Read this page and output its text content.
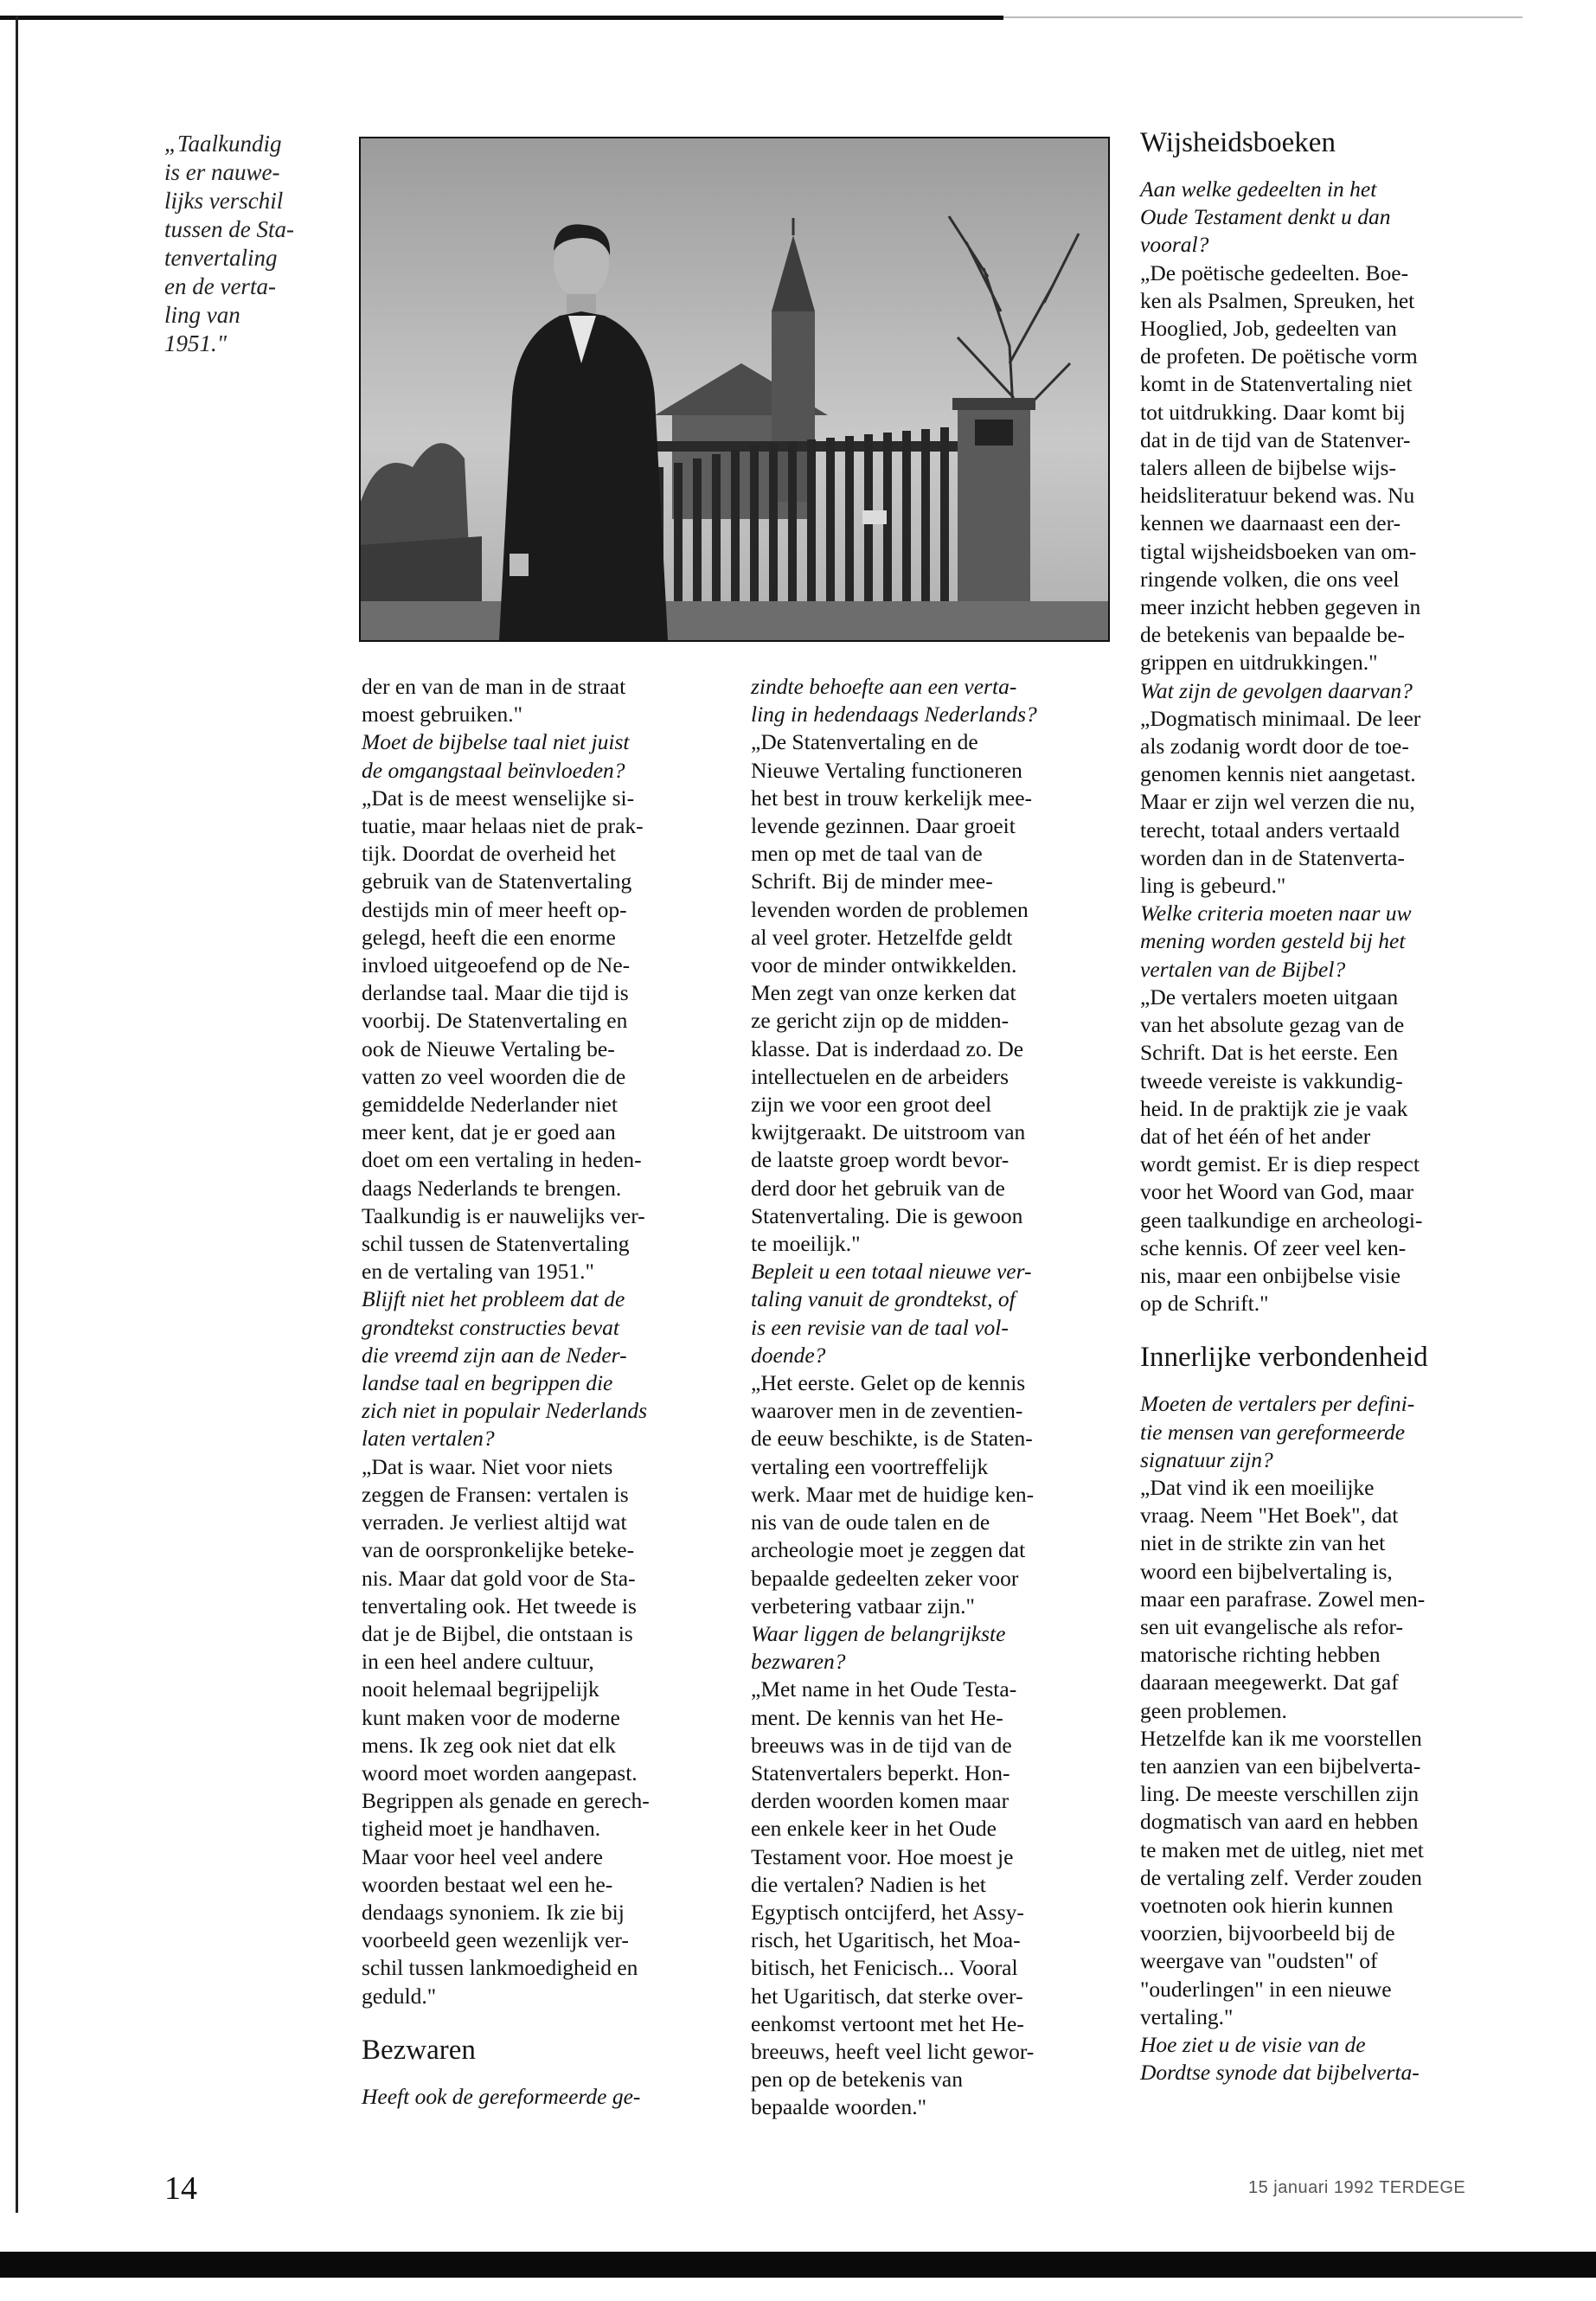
„Taalkundig
is er nauwe-
lijks verschil
tussen de Sta-
tenvertaling
en de verta-
ling van
1951."

der en van de man in de straat
moest gebruiken."

Moet de bijbelse taal niet juist
de omgangstaal beïnvloeden?

„Dat is de meest wenselijke si-
tuatie, maar helaas niet de prak-
tijk. Doordat de overheid het
gebruik van de Statenvertaling
destijds min of meer heeft op-
gelegd, heeft die een enorme
invloed uitgeoefend op de Ne-
derlandse taal. Maar die tijd is
voorbij. De Statenvertaling en
ook de Nieuwe Vertaling be-
vatten zo veel woorden die de
gemiddelde Nederlander niet
meer kent, dat je er goed aan
doet om een vertaling in heden-
daags Nederlands te brengen.
Taalkundig is er nauwelijks ver-
schil tussen de Statenvertaling
en de vertaling van 1951."

Blijft niet het probleem dat de
grondtekst constructies bevat
die vreemd zijn aan de Neder-
landse taal en begrippen die
zich niet in populair Nederlands
laten vertalen?

„Dat is waar. Niet voor niets
zeggen de Fransen: vertalen is
verraden. Je verliest altijd wat
van de oorspronkelijke beteke-
nis. Maar dat gold voor de Sta-
tenvertaling ook. Het tweede is
dat je de Bijbel, die ontstaan is
in een heel andere cultuur,
nooit helemaal begrijpelijk
kunt maken voor de moderne
mens. Ik zeg ook niet dat elk
woord moet worden aangepast.
Begrippen als genade en gerech-
tigheid moet je handhaven.
Maar voor heel veel andere
woorden bestaat wel een he-
dendaags synoniem. Ik zie bij
voorbeeld geen wezenlijk ver-
schil tussen lankmoedigheid en
geduld."

Bezwaren

Heeft ook de gereformeerde ge-

zindte behoefte aan een verta-
ling in hedendaags Nederlands?

„De Statenvertaling en de
Nieuwe Vertaling functioneren
het best in trouw kerkelijk mee-
levende gezinnen. Daar groeit
men op met de taal van de
Schrift. Bij de minder mee-
levenden worden de problemen
al veel groter. Hetzelfde geldt
voor de minder ontwikkelden.
Men zegt van onze kerken dat
ze gericht zijn op de midden-
klasse. Dat is inderdaad zo. De
intellectuelen en de arbeiders
zijn we voor een groot deel
kwijtgeraakt. De uitstroom van
de laatste groep wordt bevor-
derd door het gebruik van de
Statenvertaling. Die is gewoon
te moeilijk."

Bepleit u een totaal nieuwe ver-
taling vanuit de grondtekst, of
is een revisie van de taal vol-
doende?

„Het eerste. Gelet op de kennis
waarover men in de zeventien-
de eeuw beschikte, is de Staten-
vertaling een voortreffelijk
werk. Maar met de huidige ken-
nis van de oude talen en de
archeologie moet je zeggen dat
bepaalde gedeelten zeker voor
verbetering vatbaar zijn."

Waar liggen de belangrijkste
bezwaren?

„Met name in het Oude Testa-
ment. De kennis van het He-
breeuws was in de tijd van de
Statenvertalers beperkt. Hon-
derden woorden komen maar
een enkele keer in het Oude
Testament voor. Hoe moest je
die vertalen? Nadien is het
Egyptisch ontcijferd, het Assy-
risch, het Ugaritisch, het Moa-
bitisch, het Fenicisch... Vooral
het Ugaritisch, dat sterke over-
eenkomst vertoont met het He-
breeuws, heeft veel licht gewor-
pen op de betekenis van
bepaalde woorden."

Wijsheidsboeken

Aan welke gedeelten in het
Oude Testament denkt u dan
vooral?

„De poëtische gedeelten. Boe-
ken als Psalmen, Spreuken, het
Hooglied, Job, gedeelten van
de profeten. De poëtische vorm
komt in de Statenvertaling niet
tot uitdrukking. Daar komt bij
dat in de tijd van de Statenver-
talers alleen de bijbelse wijs-
heidsliteratuur bekend was. Nu
kennen we daarnaast een der-
tigtal wijsheidsboeken van om-
ringende volken, die ons veel
meer inzicht hebben gegeven in
de betekenis van bepaalde be-
grippen en uitdrukkingen."

Wat zijn de gevolgen daarvan?

„Dogmatisch minimaal. De leer
als zodanig wordt door de toe-
genomen kennis niet aangetast.
Maar er zijn wel verzen die nu,
terecht, totaal anders vertaald
worden dan in de Statenverta-
ling is gebeurd."

Welke criteria moeten naar uw
mening worden gesteld bij het
vertalen van de Bijbel?

„De vertalers moeten uitgaan
van het absolute gezag van de
Schrift. Dat is het eerste. Een
tweede vereiste is vakkundig-
heid. In de praktijk zie je vaak
dat of het één of het ander
wordt gemist. Er is diep respect
voor het Woord van God, maar
geen taalkundige en archeologi-
sche kennis. Of zeer veel ken-
nis, maar een onbijbelse visie
op de Schrift."

Innerlijke verbondenheid

Moeten de vertalers per defini-
tie mensen van gereformeerde
signatuur zijn?

„Dat vind ik een moeilijke
vraag. Neem "Het Boek", dat
niet in de strikte zin van het
woord een bijbelvertaling is,
maar een parafrase. Zowel men-
sen uit evangelische als refor-
matorische richting hebben
daaraan meegewerkt. Dat gaf
geen problemen.
Hetzelfde kan ik me voorstellen
ten aanzien van een bijbelverta-
ling. De meeste verschillen zijn
dogmatisch van aard en hebben
te maken met de uitleg, niet met
de vertaling zelf. Verder zouden
voetnoten ook hierin kunnen
voorzien, bijvoorbeeld bij de
weergave van "oudsten" of
"ouderlingen" in een nieuwe
vertaling."

Hoe ziet u de visie van de
Dordtse synode dat bijbelverta-

14	15 januari 1992 TERDEGE
